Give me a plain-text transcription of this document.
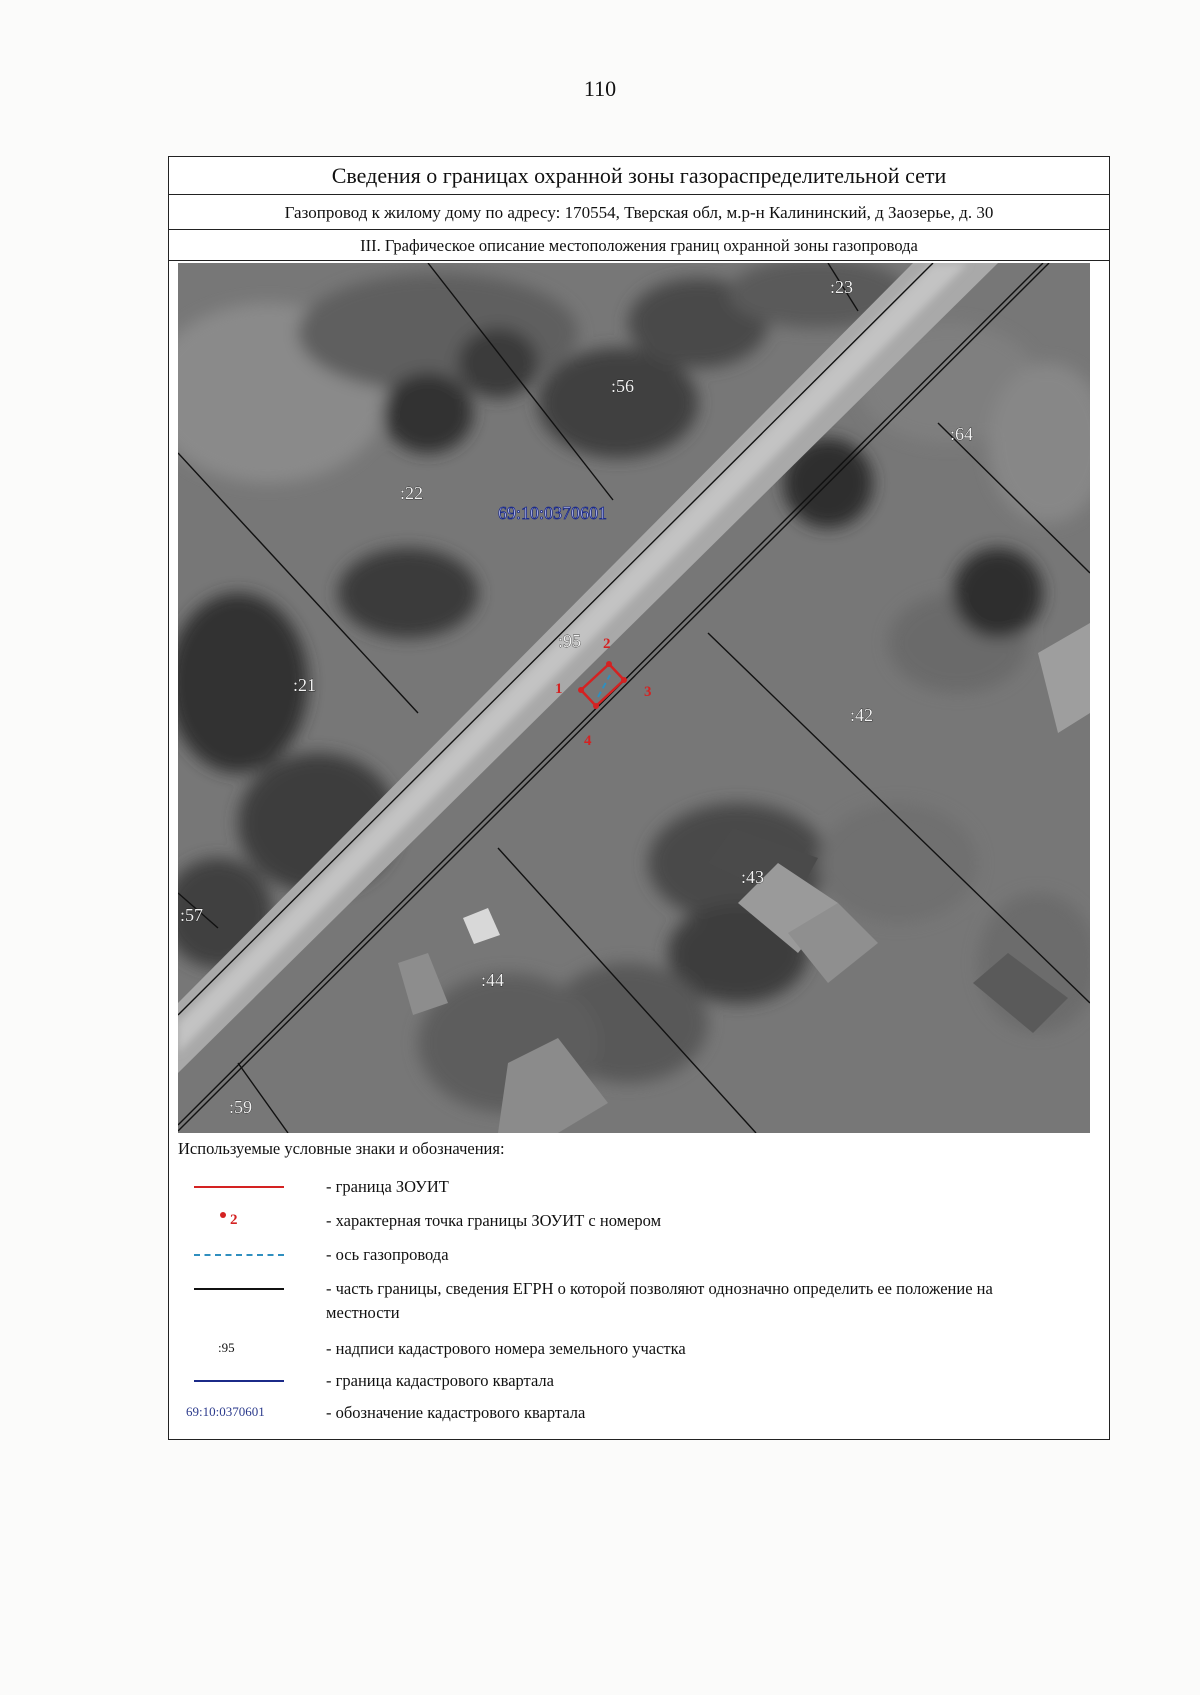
110
Сведения о границах охранной зоны газораспределительной сети
Газопровод к жилому дому по адресу: 170554, Тверская обл, м.р-н Калининский, д Заозерье, д. 30
III. Графическое описание местоположения границ охранной зоны газопровода
1
2
3
4
:23
:56
:64
:22
69:10:0370601
:95
:21
:42
:43
:57
:44
:59
Используемые условные знаки и обозначения:
- граница ЗОУИТ
2	- характерная точка границы ЗОУИТ с номером
- ось газопровода
- часть границы, сведения ЕГРН о которой позволяют однозначно определить ее положение на местности
:95	- надписи кадастрового номера земельного участка
- граница кадастрового квартала
69:10:0370601	- обозначение кадастрового квартала
